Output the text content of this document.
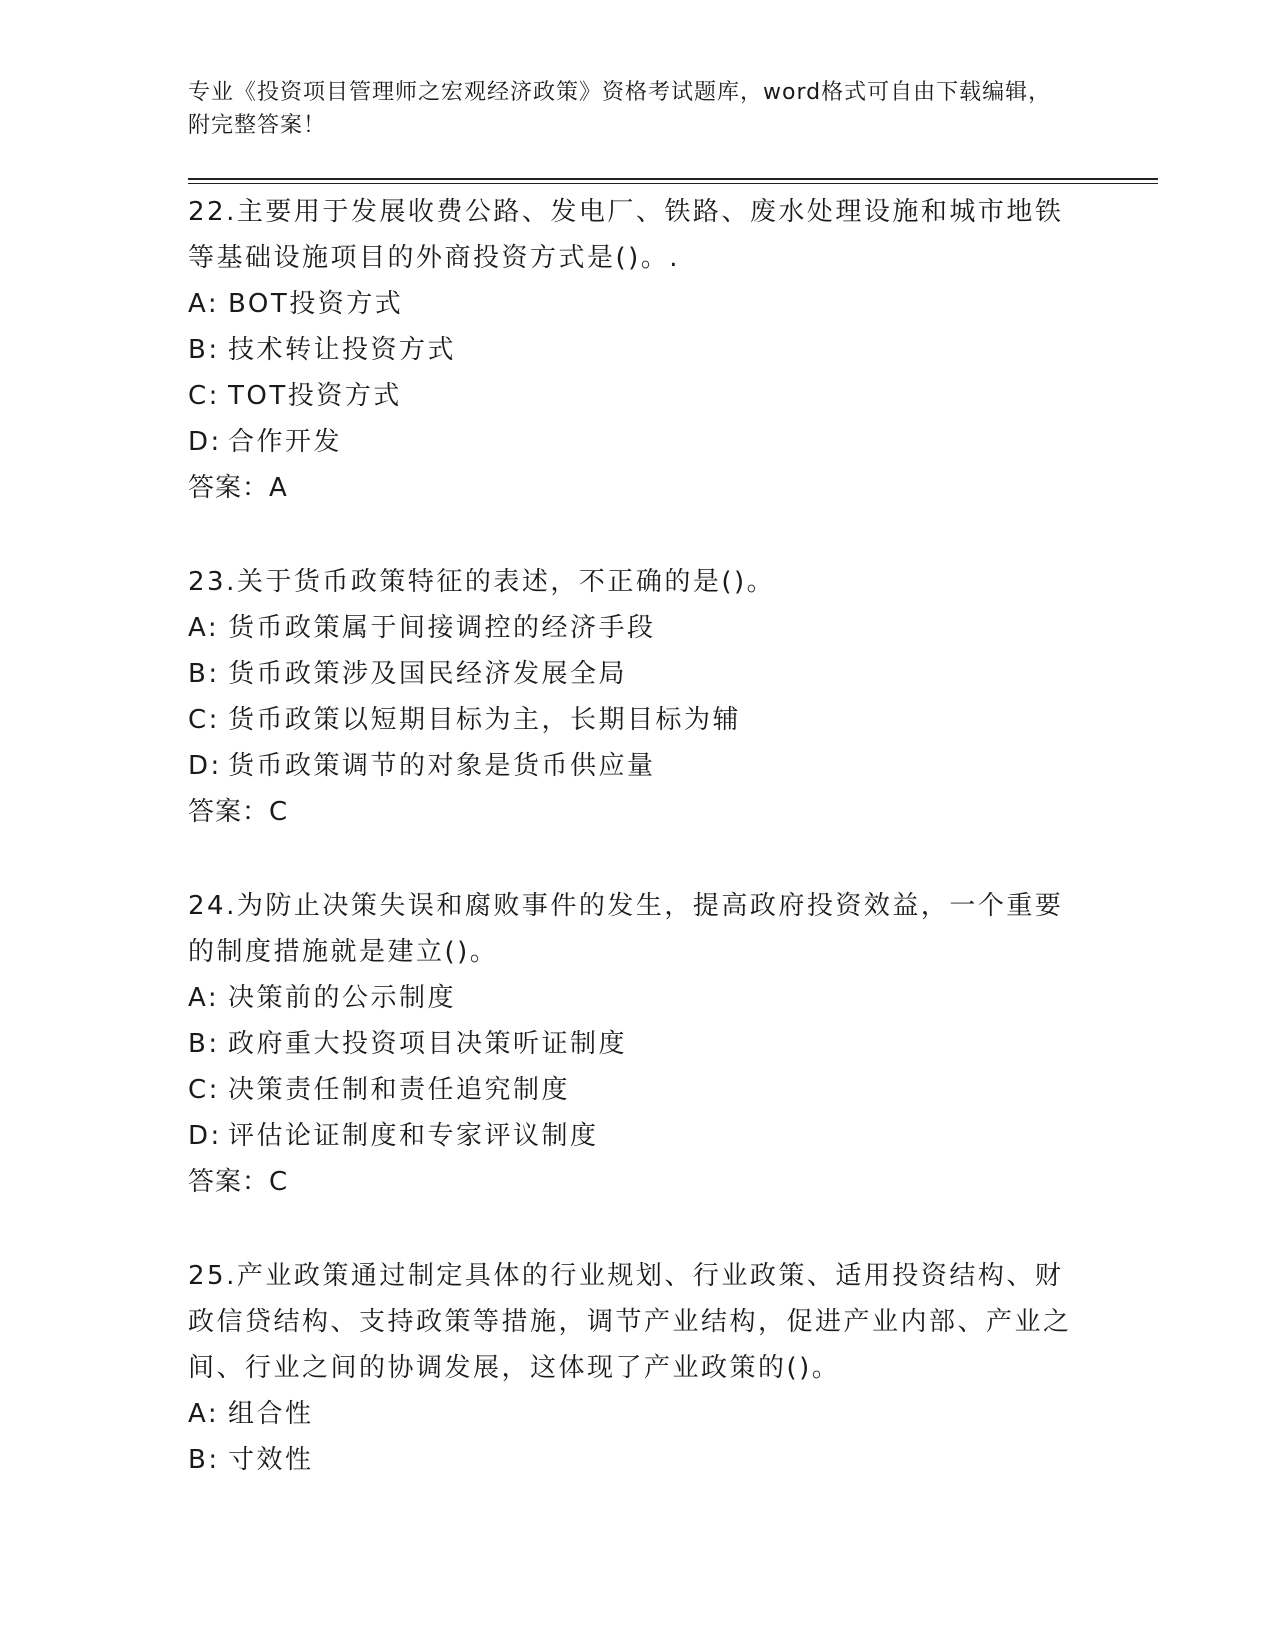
专业《投资项目管理师之宏观经济政策》资格考试题库，word格式可自由下载编辑，附完整答案！
22.主要用于发展收费公路、发电厂、铁路、废水处理设施和城市地铁等基础设施项目的外商投资方式是()。.
A: BOT投资方式
B: 技术转让投资方式
C: TOT投资方式
D: 合作开发
答案：A
23.关于货币政策特征的表述，不正确的是()。
A: 货币政策属于间接调控的经济手段
B: 货币政策涉及国民经济发展全局
C: 货币政策以短期目标为主，长期目标为辅
D: 货币政策调节的对象是货币供应量
答案：C
24.为防止决策失误和腐败事件的发生，提高政府投资效益，一个重要的制度措施就是建立()。
A: 决策前的公示制度
B: 政府重大投资项目决策听证制度
C: 决策责任制和责任追究制度
D: 评估论证制度和专家评议制度
答案：C
25.产业政策通过制定具体的行业规划、行业政策、适用投资结构、财政信贷结构、支持政策等措施，调节产业结构，促进产业内部、产业之间、行业之间的协调发展，这体现了产业政策的()。
A: 组合性
B: 寸效性
